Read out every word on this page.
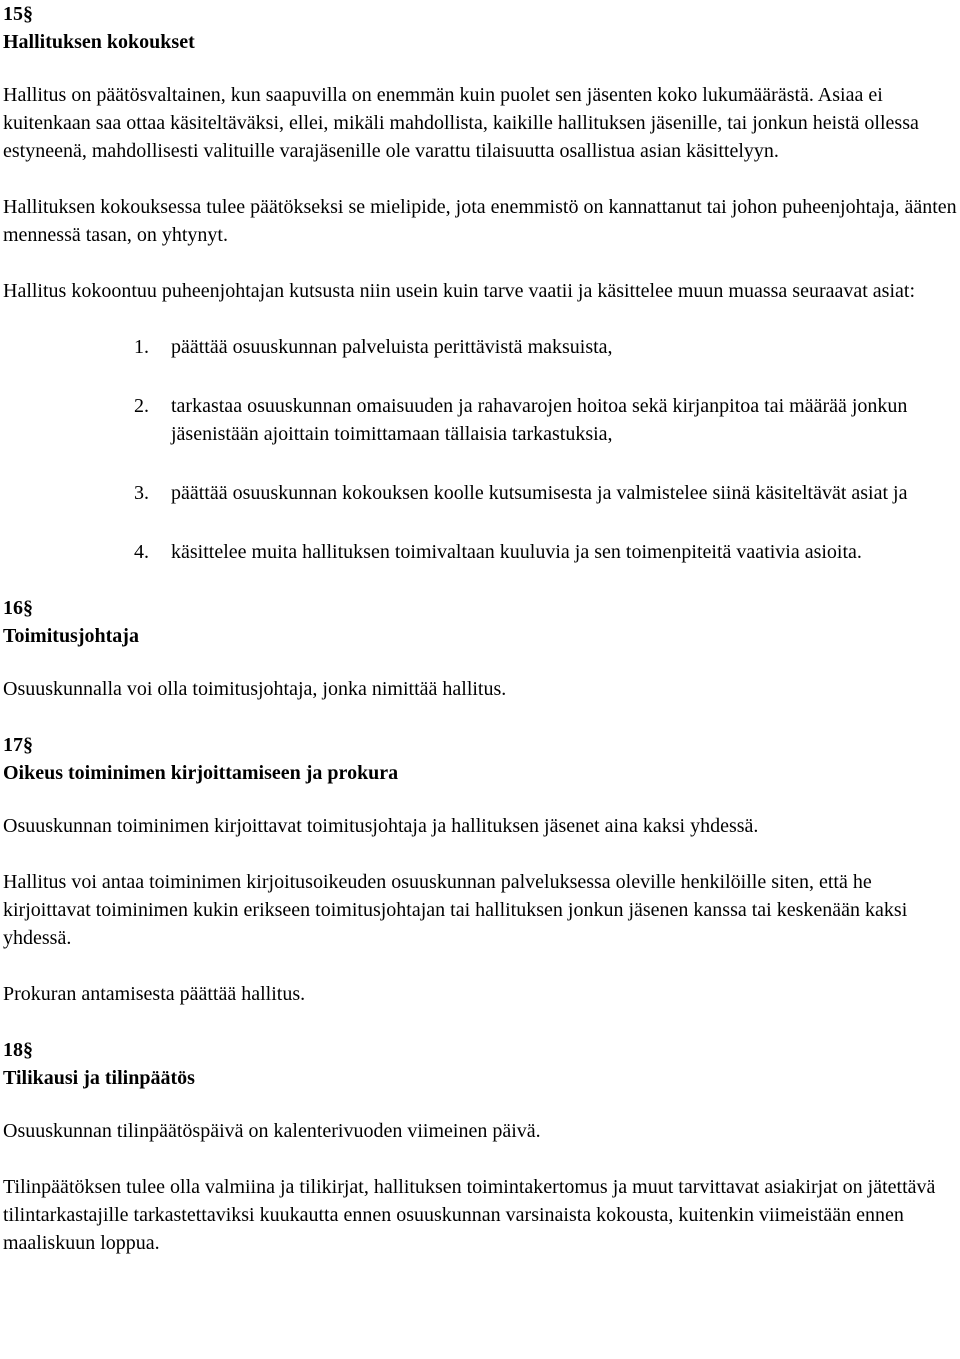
15§
Hallituksen kokoukset

Hallitus on päätösvaltainen, kun saapuvilla on enemmän kuin puolet sen jäsenten koko lukumäärästä. Asiaa ei kuitenkaan saa ottaa käsiteltäväksi, ellei, mikäli mahdollista, kaikille hallituksen jäsenille, tai jonkun heistä ollessa estyneenä, mahdollisesti valituille varajäsenille ole varattu tilaisuutta osallistua asian käsittelyyn.

Hallituksen kokouksessa tulee päätökseksi se mielipide, jota enemmistö on kannattanut tai johon puheenjohtaja, äänten mennessä tasan, on yhtynyt.

Hallitus kokoontuu puheenjohtajan kutsusta niin usein kuin tarve vaatii ja käsittelee muun muassa seuraavat asiat:

1. päättää osuuskunnan palveluista perittävistä maksuista,
2. tarkastaa osuuskunnan omaisuuden ja rahavarojen hoitoa sekä kirjanpitoa tai määrää jonkun jäsenistään ajoittain toimittamaan tällaisia tarkastuksia,
3. päättää osuuskunnan kokouksen koolle kutsumisesta ja valmistelee siinä käsiteltävät asiat ja
4. käsittelee muita hallituksen toimivaltaan kuuluvia ja sen toimenpiteitä vaativia asioita.
16§
Toimitusjohtaja

Osuuskunnalla voi olla toimitusjohtaja, jonka nimittää hallitus.

17§
Oikeus toiminimen kirjoittamiseen ja prokura

Osuuskunnan toiminimen kirjoittavat toimitusjohtaja ja hallituksen jäsenet aina kaksi yhdessä.

Hallitus voi antaa toiminimen kirjoitusoikeuden osuuskunnan palveluksessa oleville henkilöille siten, että he kirjoittavat toiminimen kukin erikseen toimitusjohtajan tai hallituksen jonkun jäsenen kanssa tai keskenään kaksi yhdessä.

Prokuran antamisesta päättää hallitus.

18§
Tilikausi ja tilinpäätös

Osuuskunnan tilinpäätöspäivä on kalenterivuoden viimeinen päivä.

Tilinpäätöksen tulee olla valmiina ja tilikirjat, hallituksen toimintakertomus ja muut tarvittavat asiakirjat on jätettävä tilintarkastajille tarkastettaviksi kuukautta ennen osuuskunnan varsinaista kokousta, kuitenkin viimeistään ennen maaliskuun loppua.
